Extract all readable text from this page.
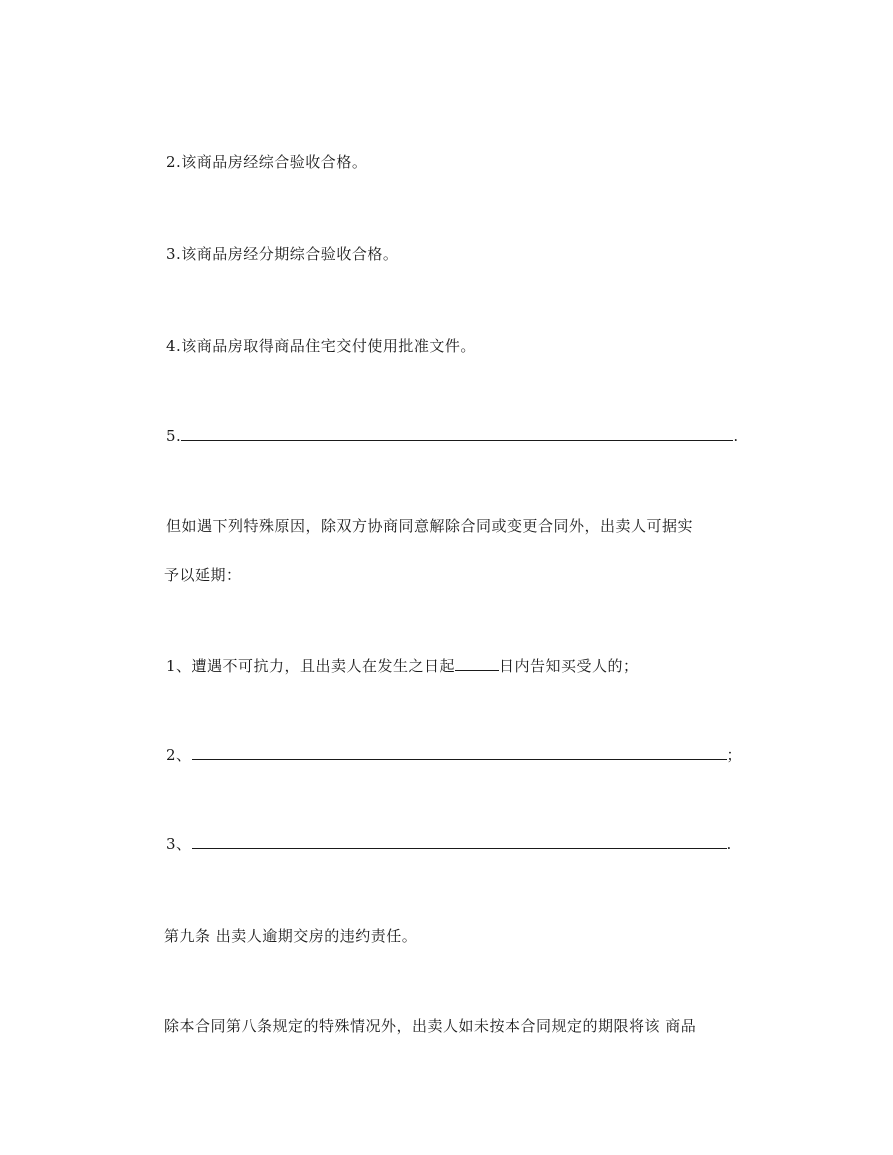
2.该商品房经综合验收合格。
3.该商品房经分期综合验收合格。
4.该商品房取得商品住宅交付使用批准文件。
5.	.
但如遇下列特殊原因，除双方协商同意解除合同或变更合同外，出卖人可据实
予以延期：
1、遭遇不可抗力，且出卖人在发生之日起	日内告知买受人的；
2、	；
3、	.
第九条 出卖人逾期交房的违约责任。
除本合同第八条规定的特殊情况外，出卖人如未按本合同规定的期限将该 商品
